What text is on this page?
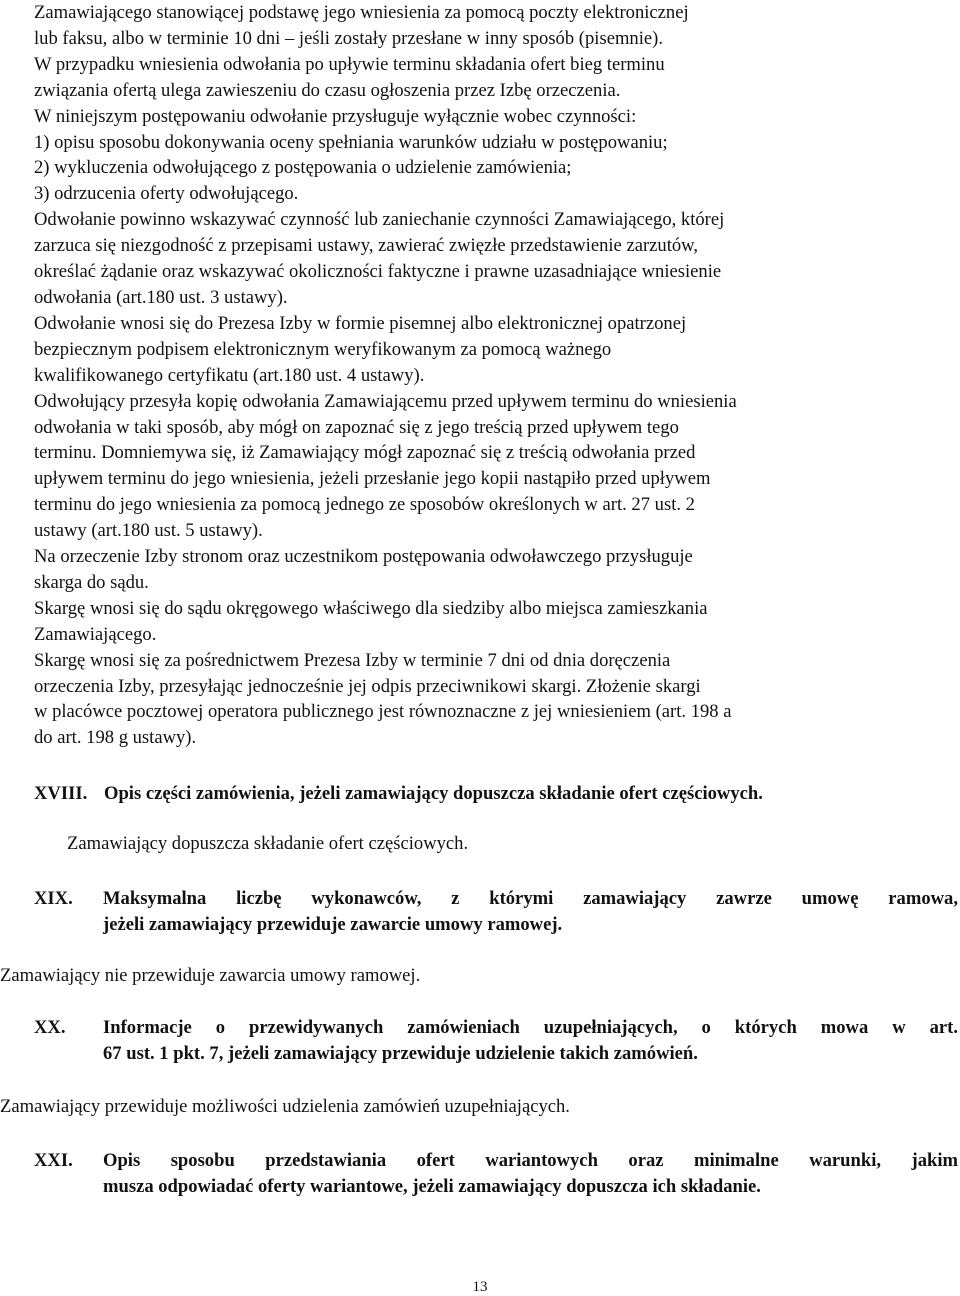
Zamawiającego stanowiącej podstawę jego wniesienia za pomocą poczty elektronicznej
lub faksu, albo w terminie 10 dni – jeśli zostały przesłane w inny sposób (pisemnie).
W przypadku wniesienia odwołania po upływie terminu składania ofert bieg terminu
związania ofertą ulega zawieszeniu do czasu ogłoszenia przez Izbę orzeczenia.
W niniejszym postępowaniu odwołanie przysługuje wyłącznie wobec czynności:
1) opisu sposobu dokonywania oceny spełniania warunków udziału w postępowaniu;
2) wykluczenia odwołującego z postępowania o udzielenie zamówienia;
3) odrzucenia oferty odwołującego.
Odwołanie powinno wskazywać czynność lub zaniechanie czynności Zamawiającego, której
zarzuca się niezgodność z przepisami ustawy, zawierać zwięzłe przedstawienie zarzutów,
określać żądanie oraz wskazywać okoliczności faktyczne i prawne uzasadniające wniesienie
odwołania (art.180 ust. 3 ustawy).
Odwołanie wnosi się do Prezesa Izby w formie pisemnej albo elektronicznej opatrzonej
bezpiecznym podpisem elektronicznym weryfikowanym za pomocą ważnego
kwalifikowanego certyfikatu (art.180 ust. 4 ustawy).
Odwołujący przesyła kopię odwołania Zamawiającemu przed upływem terminu do wniesienia
odwołania w taki sposób, aby mógł on zapoznać się z jego treścią przed upływem tego
terminu. Domniemywa się, iż Zamawiający mógł zapoznać się z treścią odwołania przed
upływem terminu do jego wniesienia, jeżeli przesłanie jego kopii nastąpiło przed upływem
terminu do jego wniesienia za pomocą jednego ze sposobów określonych w art. 27 ust. 2
ustawy (art.180 ust. 5 ustawy).
Na orzeczenie Izby stronom oraz uczestnikom postępowania odwoławczego przysługuje
skarga do sądu.
Skargę wnosi się do sądu okręgowego właściwego dla siedziby albo miejsca zamieszkania
Zamawiającego.
Skargę wnosi się za pośrednictwem Prezesa Izby w terminie 7 dni od dnia doręczenia
orzeczenia Izby, przesyłając jednocześnie jej odpis przeciwnikowi skargi. Złożenie skargi
w placówce pocztowej operatora publicznego jest równoznaczne z jej wniesieniem (art. 198 a
do art. 198 g ustawy).
XVIII. Opis części zamówienia, jeżeli zamawiający dopuszcza składanie ofert częściowych.
Zamawiający dopuszcza składanie ofert częściowych.
XIX. Maksymalna liczbę wykonawców, z którymi zamawiający zawrze umowę ramowa,
jeżeli zamawiający przewiduje zawarcie umowy ramowej.
Zamawiający nie przewiduje zawarcia umowy ramowej.
XX. Informacje o przewidywanych zamówieniach uzupełniających, o których mowa w art.
67 ust. 1 pkt. 7, jeżeli zamawiający przewiduje udzielenie takich zamówień.
Zamawiający przewiduje możliwości udzielenia zamówień uzupełniających.
XXI. Opis sposobu przedstawiania ofert wariantowych oraz minimalne warunki, jakim
musza odpowiadać oferty wariantowe, jeżeli zamawiający dopuszcza ich składanie.
13
